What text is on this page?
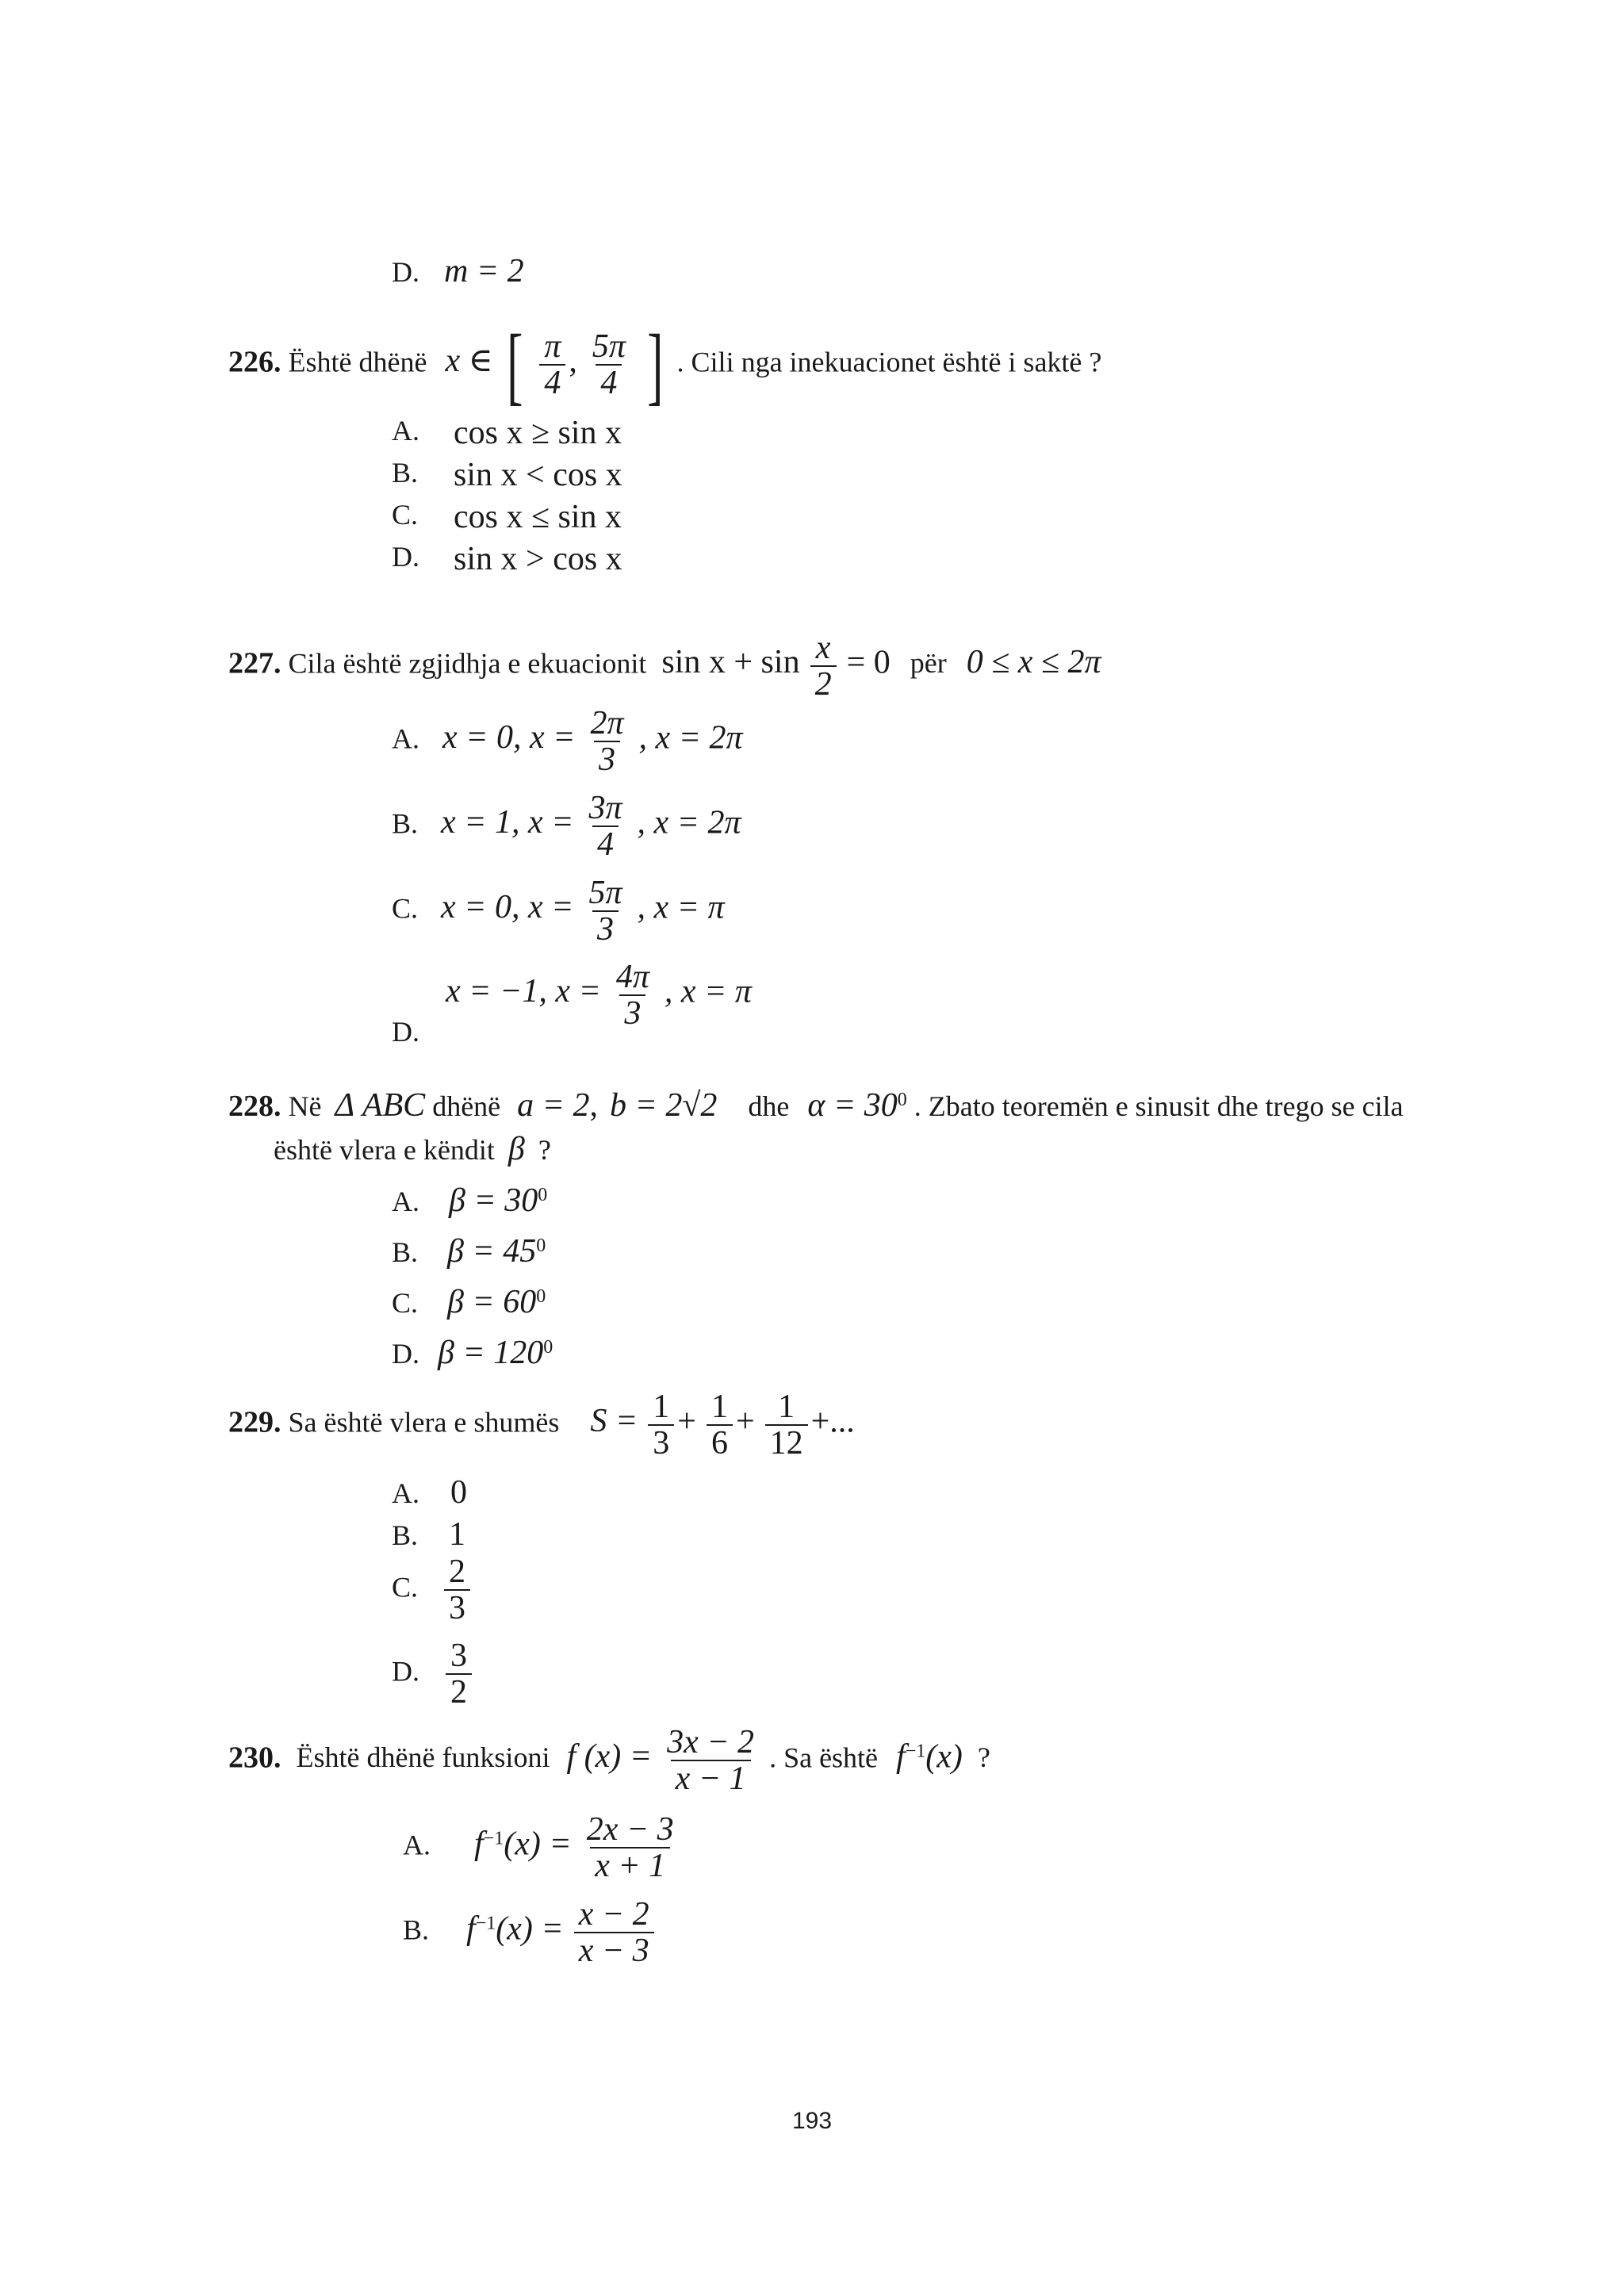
D. m = 2
226. Është dhënë x ∈ [ $\frac{\pi}{4}$ , $\frac{5\pi}{4}$ ] . Cili nga inekuacionet është i saktë ?
A. cos x ≥ sin x
B. sin x < cos x
C. cos x ≤ sin x
D. sin x > cos x
227. Cila është zgjidhja e ekuacionit $\sin x + \sin \frac{x}{2} = 0$ për 0 ≤ x ≤ 2π
A. x = 0, $x = \frac{2\pi}{3}$ , x = 2π
B. x = 1, $x = \frac{3\pi}{4}$ , x = 2π
C. x = 0, $x = \frac{5\pi}{3}$ , x = π
D.
x = −1, $x = \frac{4\pi}{3}$ , x = π
228. Në Δ ABC dhënë a = 2, b = 2√2 dhe $\alpha = 30^0$ . Zbato teoremën e sinusit dhe trego se cila
është vlera e këndit β ?
A. $\beta = 30^0$
B. $\beta = 45^0$
C. $\beta = 60^0$
D. $\beta = 120^0$
229. Sa është vlera e shumës $S = \frac{1}{3} + \frac{1}{6} + \frac{1}{12}$ +...
A. 0
B. 1
C. $\frac{2}{3}$
D. $\frac{3}{2}$
230. Është dhënë funksioni f $(x) = \frac{3x - 2}{x - 1}$ . Sa është $f^{-1}(x)$ ?
A. $f^{-1}(x) = \frac{2x - 3}{x + 1}$
B. $f^{-1}(x) = \frac{x - 2}{x - 3}$
193
